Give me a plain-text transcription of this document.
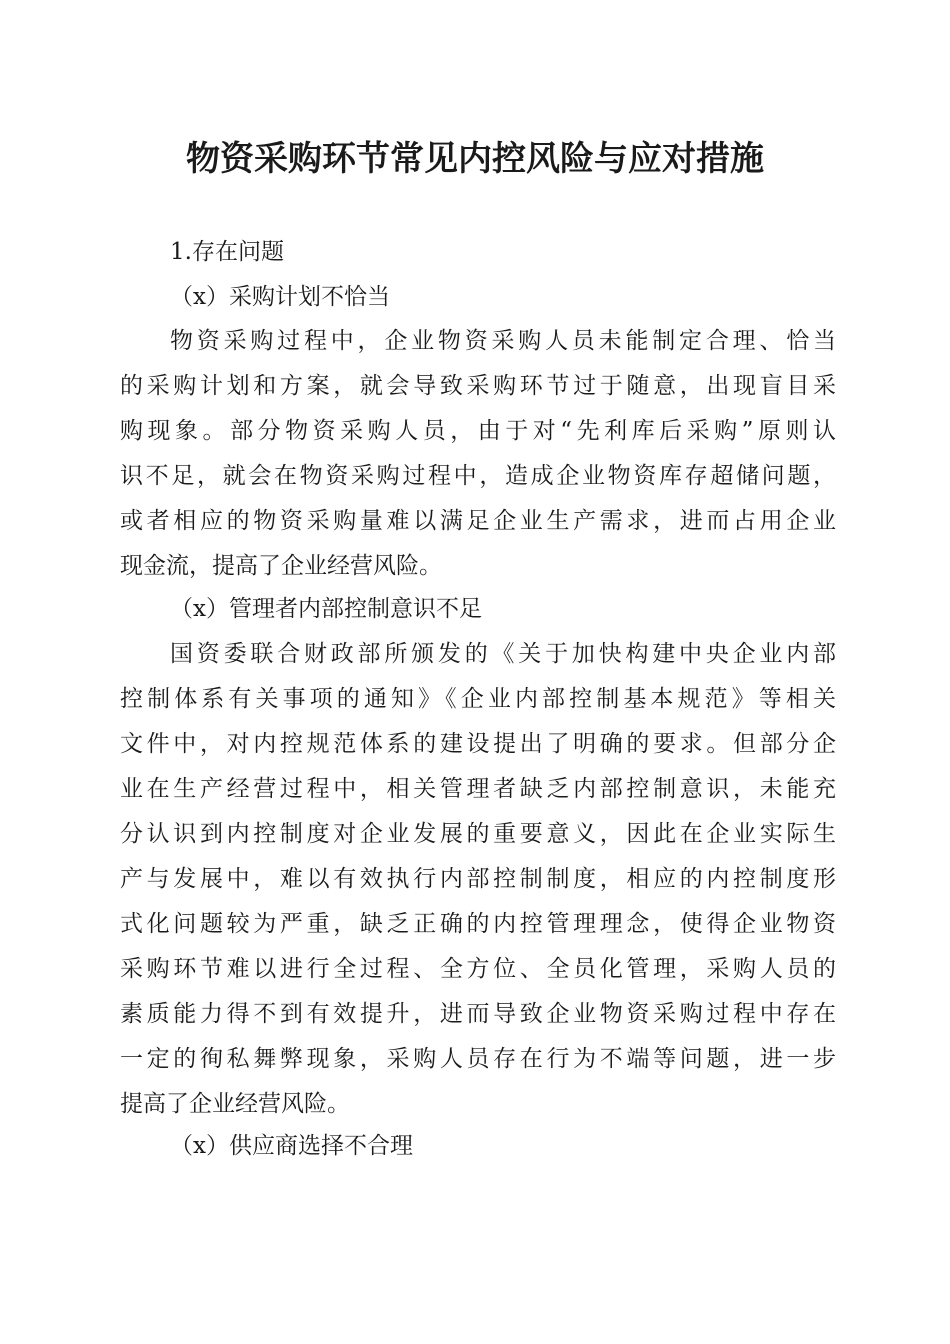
物资采购环节常见内控风险与应对措施

1.存在问题

（x）采购计划不恰当

物资采购过程中，企业物资采购人员未能制定合理、恰当

的采购计划和方案，就会导致采购环节过于随意，出现盲目采

购现象。部分物资采购人员，由于对“先利库后采购”原则认

识不足，就会在物资采购过程中，造成企业物资库存超储问题，

或者相应的物资采购量难以满足企业生产需求，进而占用企业

现金流，提高了企业经营风险。

（x）管理者内部控制意识不足

国资委联合财政部所颁发的《关于加快构建中央企业内部

控制体系有关事项的通知》《企业内部控制基本规范》等相关

文件中，对内控规范体系的建设提出了明确的要求。但部分企

业在生产经营过程中，相关管理者缺乏内部控制意识，未能充

分认识到内控制度对企业发展的重要意义，因此在企业实际生

产与发展中，难以有效执行内部控制制度，相应的内控制度形

式化问题较为严重，缺乏正确的内控管理理念，使得企业物资

采购环节难以进行全过程、全方位、全员化管理，采购人员的

素质能力得不到有效提升，进而导致企业物资采购过程中存在

一定的徇私舞弊现象，采购人员存在行为不端等问题，进一步

提高了企业经营风险。

（x）供应商选择不合理
